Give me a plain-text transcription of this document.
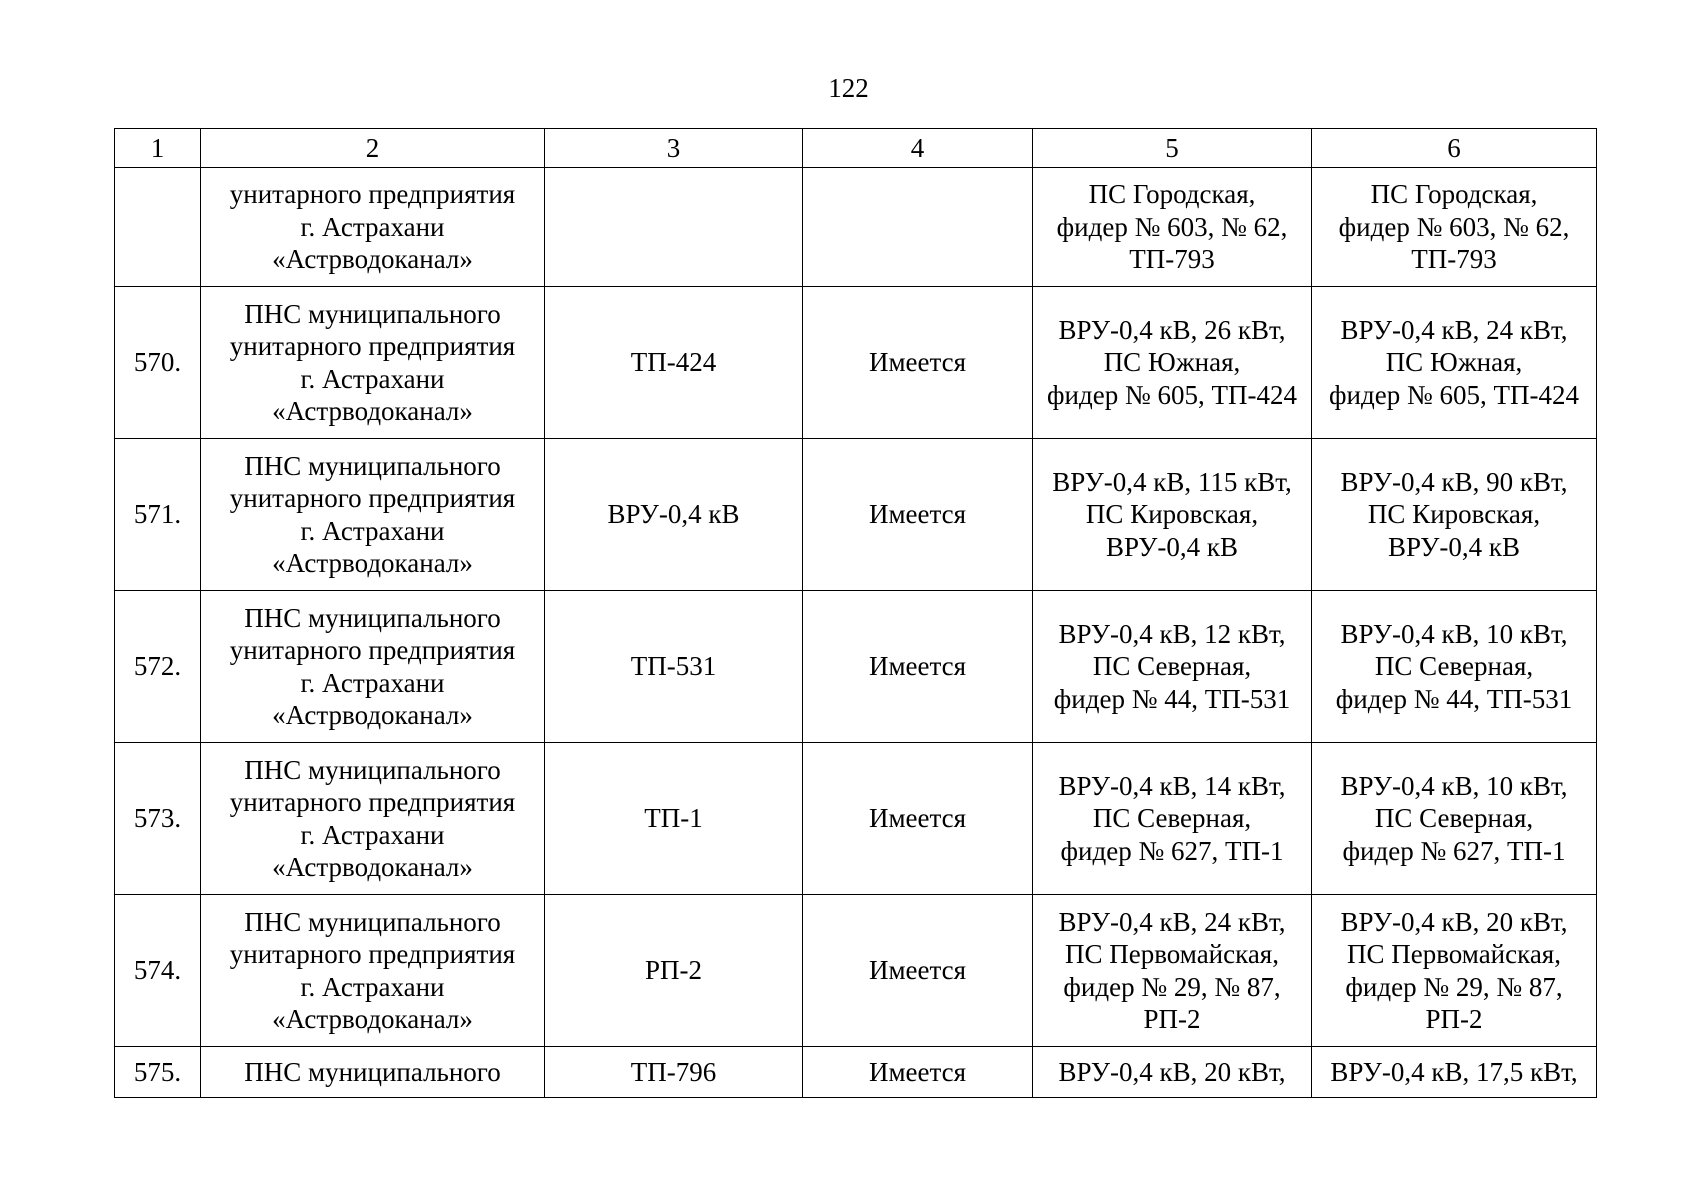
122
1	2	3	4	5	6
	унитарного предприятия
г. Астрахани
«Астрводоканал»			ПС Городская,
фидер № 603, № 62,
ТП-793	ПС Городская,
фидер № 603, № 62,
ТП-793
570.	ПНС муниципального
унитарного предприятия
г. Астрахани
«Астрводоканал»	ТП-424	Имеется	ВРУ-0,4 кВ, 26 кВт,
ПС Южная,
фидер № 605, ТП-424	ВРУ-0,4 кВ, 24 кВт,
ПС Южная,
фидер № 605, ТП-424
571.	ПНС муниципального
унитарного предприятия
г. Астрахани
«Астрводоканал»	ВРУ-0,4 кВ	Имеется	ВРУ-0,4 кВ, 115 кВт,
ПС Кировская,
ВРУ-0,4 кВ	ВРУ-0,4 кВ, 90 кВт,
ПС Кировская,
ВРУ-0,4 кВ
572.	ПНС муниципального
унитарного предприятия
г. Астрахани
«Астрводоканал»	ТП-531	Имеется	ВРУ-0,4 кВ, 12 кВт,
ПС Северная,
фидер № 44, ТП-531	ВРУ-0,4 кВ, 10 кВт,
ПС Северная,
фидер № 44, ТП-531
573.	ПНС муниципального
унитарного предприятия
г. Астрахани
«Астрводоканал»	ТП-1	Имеется	ВРУ-0,4 кВ, 14 кВт,
ПС Северная,
фидер № 627, ТП-1	ВРУ-0,4 кВ, 10 кВт,
ПС Северная,
фидер № 627, ТП-1
574.	ПНС муниципального
унитарного предприятия
г. Астрахани
«Астрводоканал»	РП-2	Имеется	ВРУ-0,4 кВ, 24 кВт,
ПС Первомайская,
фидер № 29, № 87,
РП-2	ВРУ-0,4 кВ, 20 кВт,
ПС Первомайская,
фидер № 29, № 87,
РП-2
575.	ПНС муниципального	ТП-796	Имеется	ВРУ-0,4 кВ, 20 кВт,	ВРУ-0,4 кВ, 17,5 кВт,
